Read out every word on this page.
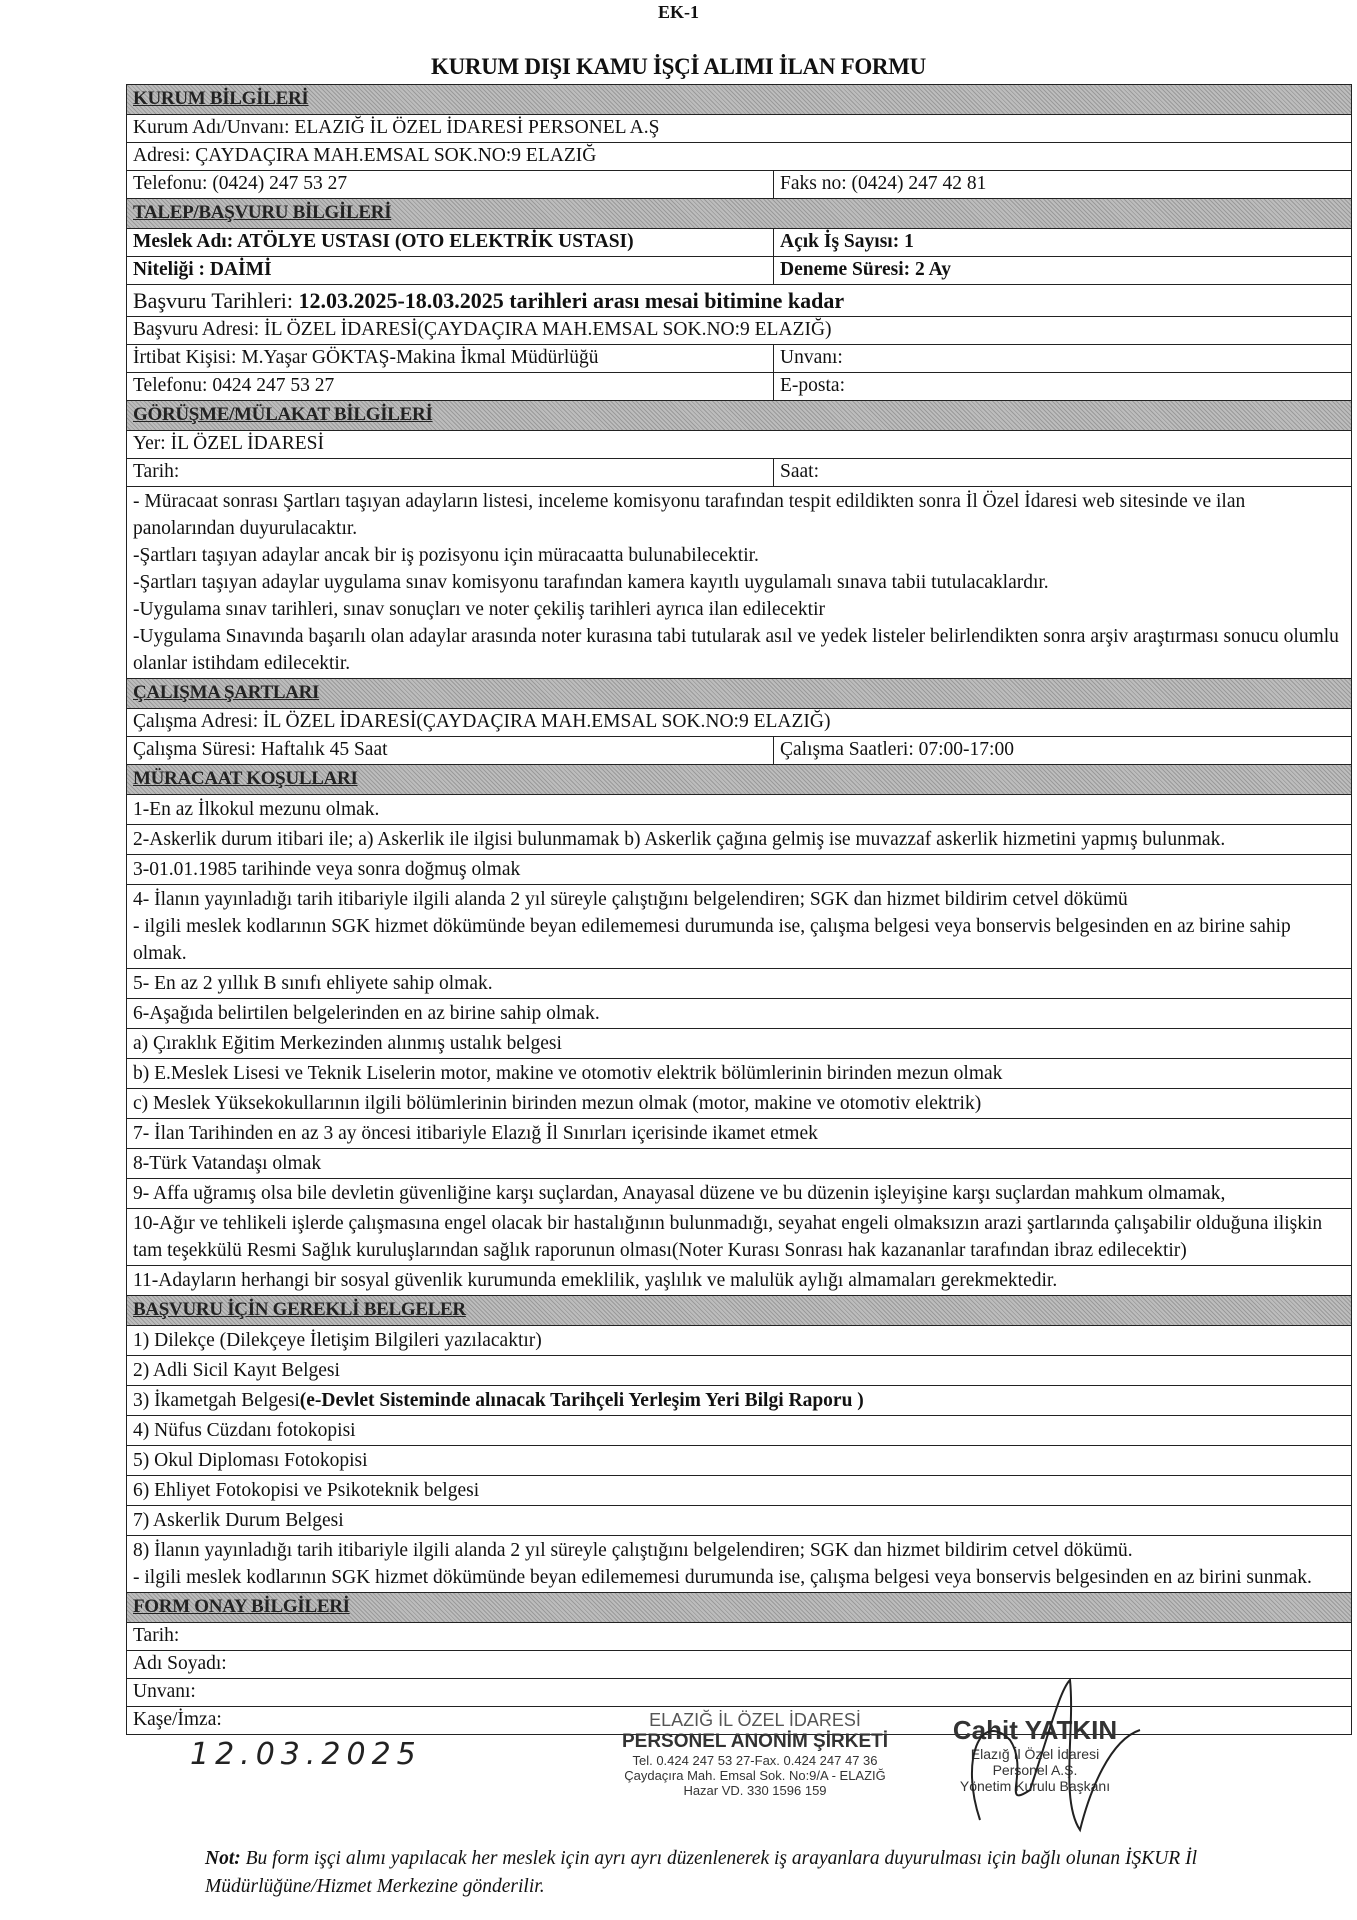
EK-1
KURUM DIŞI KAMU İŞÇİ ALIMI İLAN FORMU
KURUM BİLGİLERİ
Kurum Adı/Unvanı: ELAZIĞ İL ÖZEL İDARESİ PERSONEL A.Ş
Adresi: ÇAYDAÇIRA MAH.EMSAL SOK.NO:9 ELAZIĞ
Telefonu: (0424) 247 53 27	Faks no: (0424) 247 42 81
TALEP/BAŞVURU BİLGİLERİ
Meslek Adı: ATÖLYE USTASI (OTO ELEKTRİK USTASI)	Açık İş Sayısı: 1
Niteliği : DAİMİ	Deneme Süresi: 2 Ay
Başvuru Tarihleri: 12.03.2025-18.03.2025 tarihleri arası mesai bitimine kadar
Başvuru Adresi: İL ÖZEL İDARESİ(ÇAYDAÇIRA MAH.EMSAL SOK.NO:9 ELAZIĞ)
İrtibat Kişisi: M.Yaşar GÖKTAŞ-Makina İkmal Müdürlüğü	Unvanı:
Telefonu: 0424 247 53 27	E-posta:
GÖRÜŞME/MÜLAKAT BİLGİLERİ
Yer: İL ÖZEL İDARESİ
Tarih:	Saat:
- Müracaat sonrası Şartları taşıyan adayların listesi, inceleme komisyonu tarafından tespit edildikten sonra İl Özel İdaresi web sitesinde ve ilan panolarından duyurulacaktır.
-Şartları taşıyan adaylar ancak bir iş pozisyonu için müracaatta bulunabilecektir.
-Şartları taşıyan adaylar uygulama sınav komisyonu tarafından kamera kayıtlı uygulamalı sınava tabii tutulacaklardır.
-Uygulama sınav tarihleri, sınav sonuçları ve noter çekiliş tarihleri ayrıca ilan edilecektir
-Uygulama Sınavında başarılı olan adaylar arasında noter kurasına tabi tutularak asıl ve yedek listeler belirlendikten sonra arşiv araştırması sonucu olumlu olanlar istihdam edilecektir.
ÇALIŞMA ŞARTLARI
Çalışma Adresi: İL ÖZEL İDARESİ(ÇAYDAÇIRA MAH.EMSAL SOK.NO:9 ELAZIĞ)
Çalışma Süresi: Haftalık 45 Saat	Çalışma Saatleri: 07:00-17:00
MÜRACAAT KOŞULLARI
1-En az İlkokul mezunu olmak.
2-Askerlik durum itibari ile; a) Askerlik ile ilgisi bulunmamak b) Askerlik çağına gelmiş ise muvazzaf askerlik hizmetini yapmış bulunmak.
3-01.01.1985 tarihinde veya sonra doğmuş olmak
4- İlanın yayınladığı tarih itibariyle ilgili alanda 2 yıl süreyle çalıştığını belgelendiren; SGK dan hizmet bildirim cetvel dökümü
- ilgili meslek kodlarının SGK hizmet dökümünde beyan edilememesi durumunda ise, çalışma belgesi veya bonservis belgesinden en az birine sahip olmak.
5- En az 2 yıllık B sınıfı ehliyete sahip olmak.
6-Aşağıda belirtilen belgelerinden en az birine sahip olmak.
a) Çıraklık Eğitim Merkezinden alınmış ustalık belgesi
b) E.Meslek Lisesi ve Teknik Liselerin motor, makine ve otomotiv elektrik bölümlerinin birinden mezun olmak
c) Meslek Yüksekokullarının ilgili bölümlerinin birinden mezun olmak (motor, makine ve otomotiv elektrik)
7- İlan Tarihinden en az 3 ay öncesi itibariyle Elazığ İl Sınırları içerisinde ikamet etmek
8-Türk Vatandaşı olmak
9- Affa uğramış olsa bile devletin güvenliğine karşı suçlardan, Anayasal düzene ve bu düzenin işleyişine karşı suçlardan mahkum olmamak,
10-Ağır ve tehlikeli işlerde çalışmasına engel olacak bir hastalığının bulunmadığı, seyahat engeli olmaksızın arazi şartlarında çalışabilir olduğuna ilişkin tam teşekkülü Resmi Sağlık kuruluşlarından sağlık raporunun olması(Noter Kurası Sonrası hak kazananlar tarafından ibraz edilecektir)
11-Adayların herhangi bir sosyal güvenlik kurumunda emeklilik, yaşlılık ve malulük aylığı almamaları gerekmektedir.
BAŞVURU İÇİN GEREKLİ BELGELER
1) Dilekçe (Dilekçeye İletişim Bilgileri yazılacaktır)
2) Adli Sicil Kayıt Belgesi
3) İkametgah Belgesi (e-Devlet Sisteminde alınacak Tarihçeli Yerleşim Yeri Bilgi Raporu )
4) Nüfus Cüzdanı fotokopisi
5) Okul Diploması Fotokopisi
6) Ehliyet Fotokopisi ve Psikoteknik belgesi
7) Askerlik Durum Belgesi
8) İlanın yayınladığı tarih itibariyle ilgili alanda 2 yıl süreyle çalıştığını belgelendiren; SGK dan hizmet bildirim cetvel dökümü.
- ilgili meslek kodlarının SGK hizmet dökümünde beyan edilememesi durumunda ise, çalışma belgesi veya bonservis belgesinden en az birini sunmak.
FORM ONAY BİLGİLERİ
Tarih:
Adı Soyadı:
Unvanı:
Kaşe/İmza:
12.03.2025
ELAZIĞ İL ÖZEL İDARESİ
PERSONEL ANONİM ŞİRKETİ
Tel. 0.424 247 53 27-Fax. 0.424 247 47 36
Çaydaçıra Mah. Emsal Sok. No:9/A - ELAZIĞ
Hazar VD. 330 1596 159
Cahit YATKIN
Elazığ İl Özel İdaresi
Personel A.Ş.
Yönetim Kurulu Başkanı
Not: Bu form işçi alımı yapılacak her meslek için ayrı ayrı düzenlenerek iş arayanlara duyurulması için bağlı olunan İŞKUR İl Müdürlüğüne/Hizmet Merkezine gönderilir.
